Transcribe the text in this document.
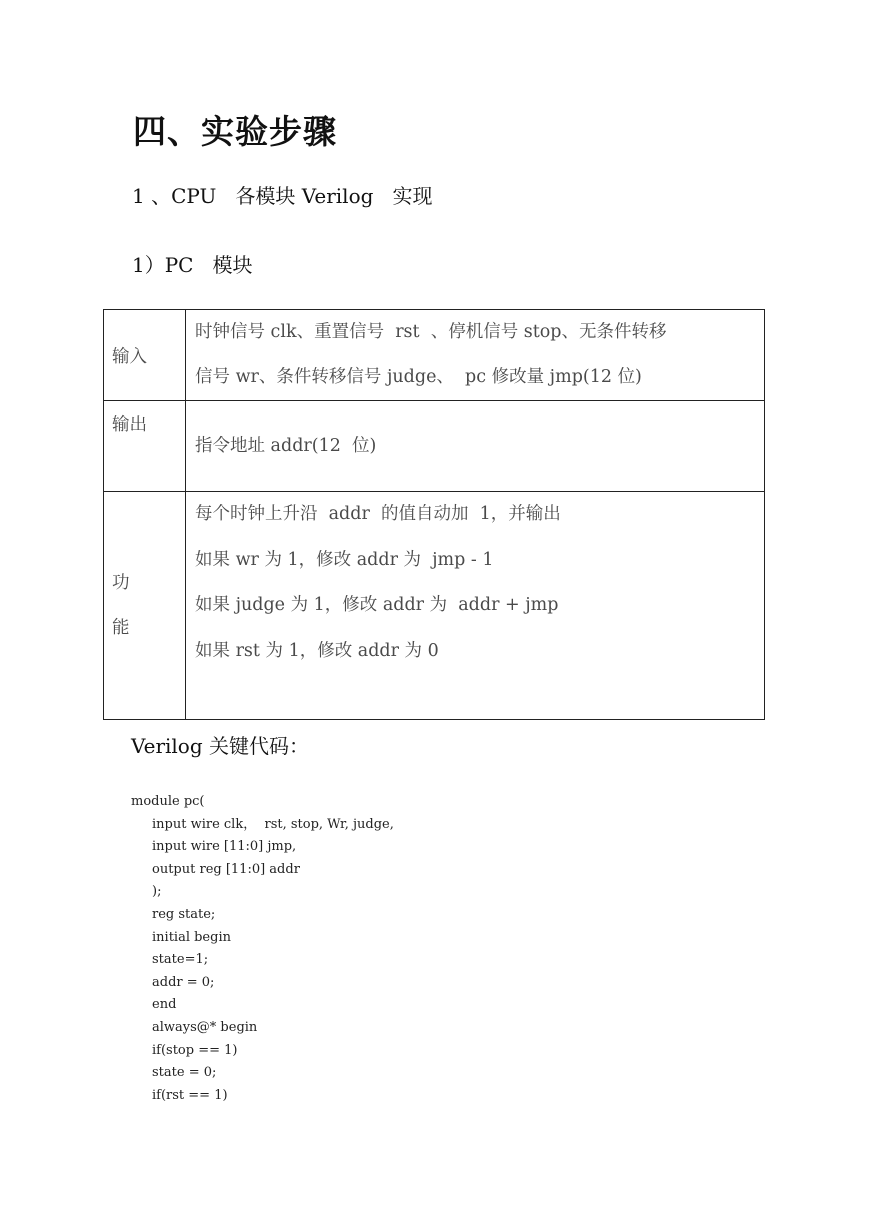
四、实验步骤

1 、CPU   各模块 Verilog   实现

1）PC   模块

输入	时钟信号 clk、重置信号  rst  、停机信号 stop、无条件转移
信号 wr、条件转移信号 judge、  pc 修改量 jmp(12 位)

输出	指令地址 addr(12  位)

功
能	每个时钟上升沿  addr  的值自动加  1，并输出
如果 wr 为 1，修改 addr 为  jmp - 1
如果 judge 为 1，修改 addr 为  addr + jmp
如果 rst 为 1，修改 addr 为 0

Verilog 关键代码：

module pc(
input wire clk，  rst, stop, Wr, judge,
input wire [11:0] jmp,
output reg [11:0] addr
);
reg state;
initial begin
state=1;
addr = 0;
end
always@* begin
if(stop == 1)
state = 0;
if(rst == 1)
